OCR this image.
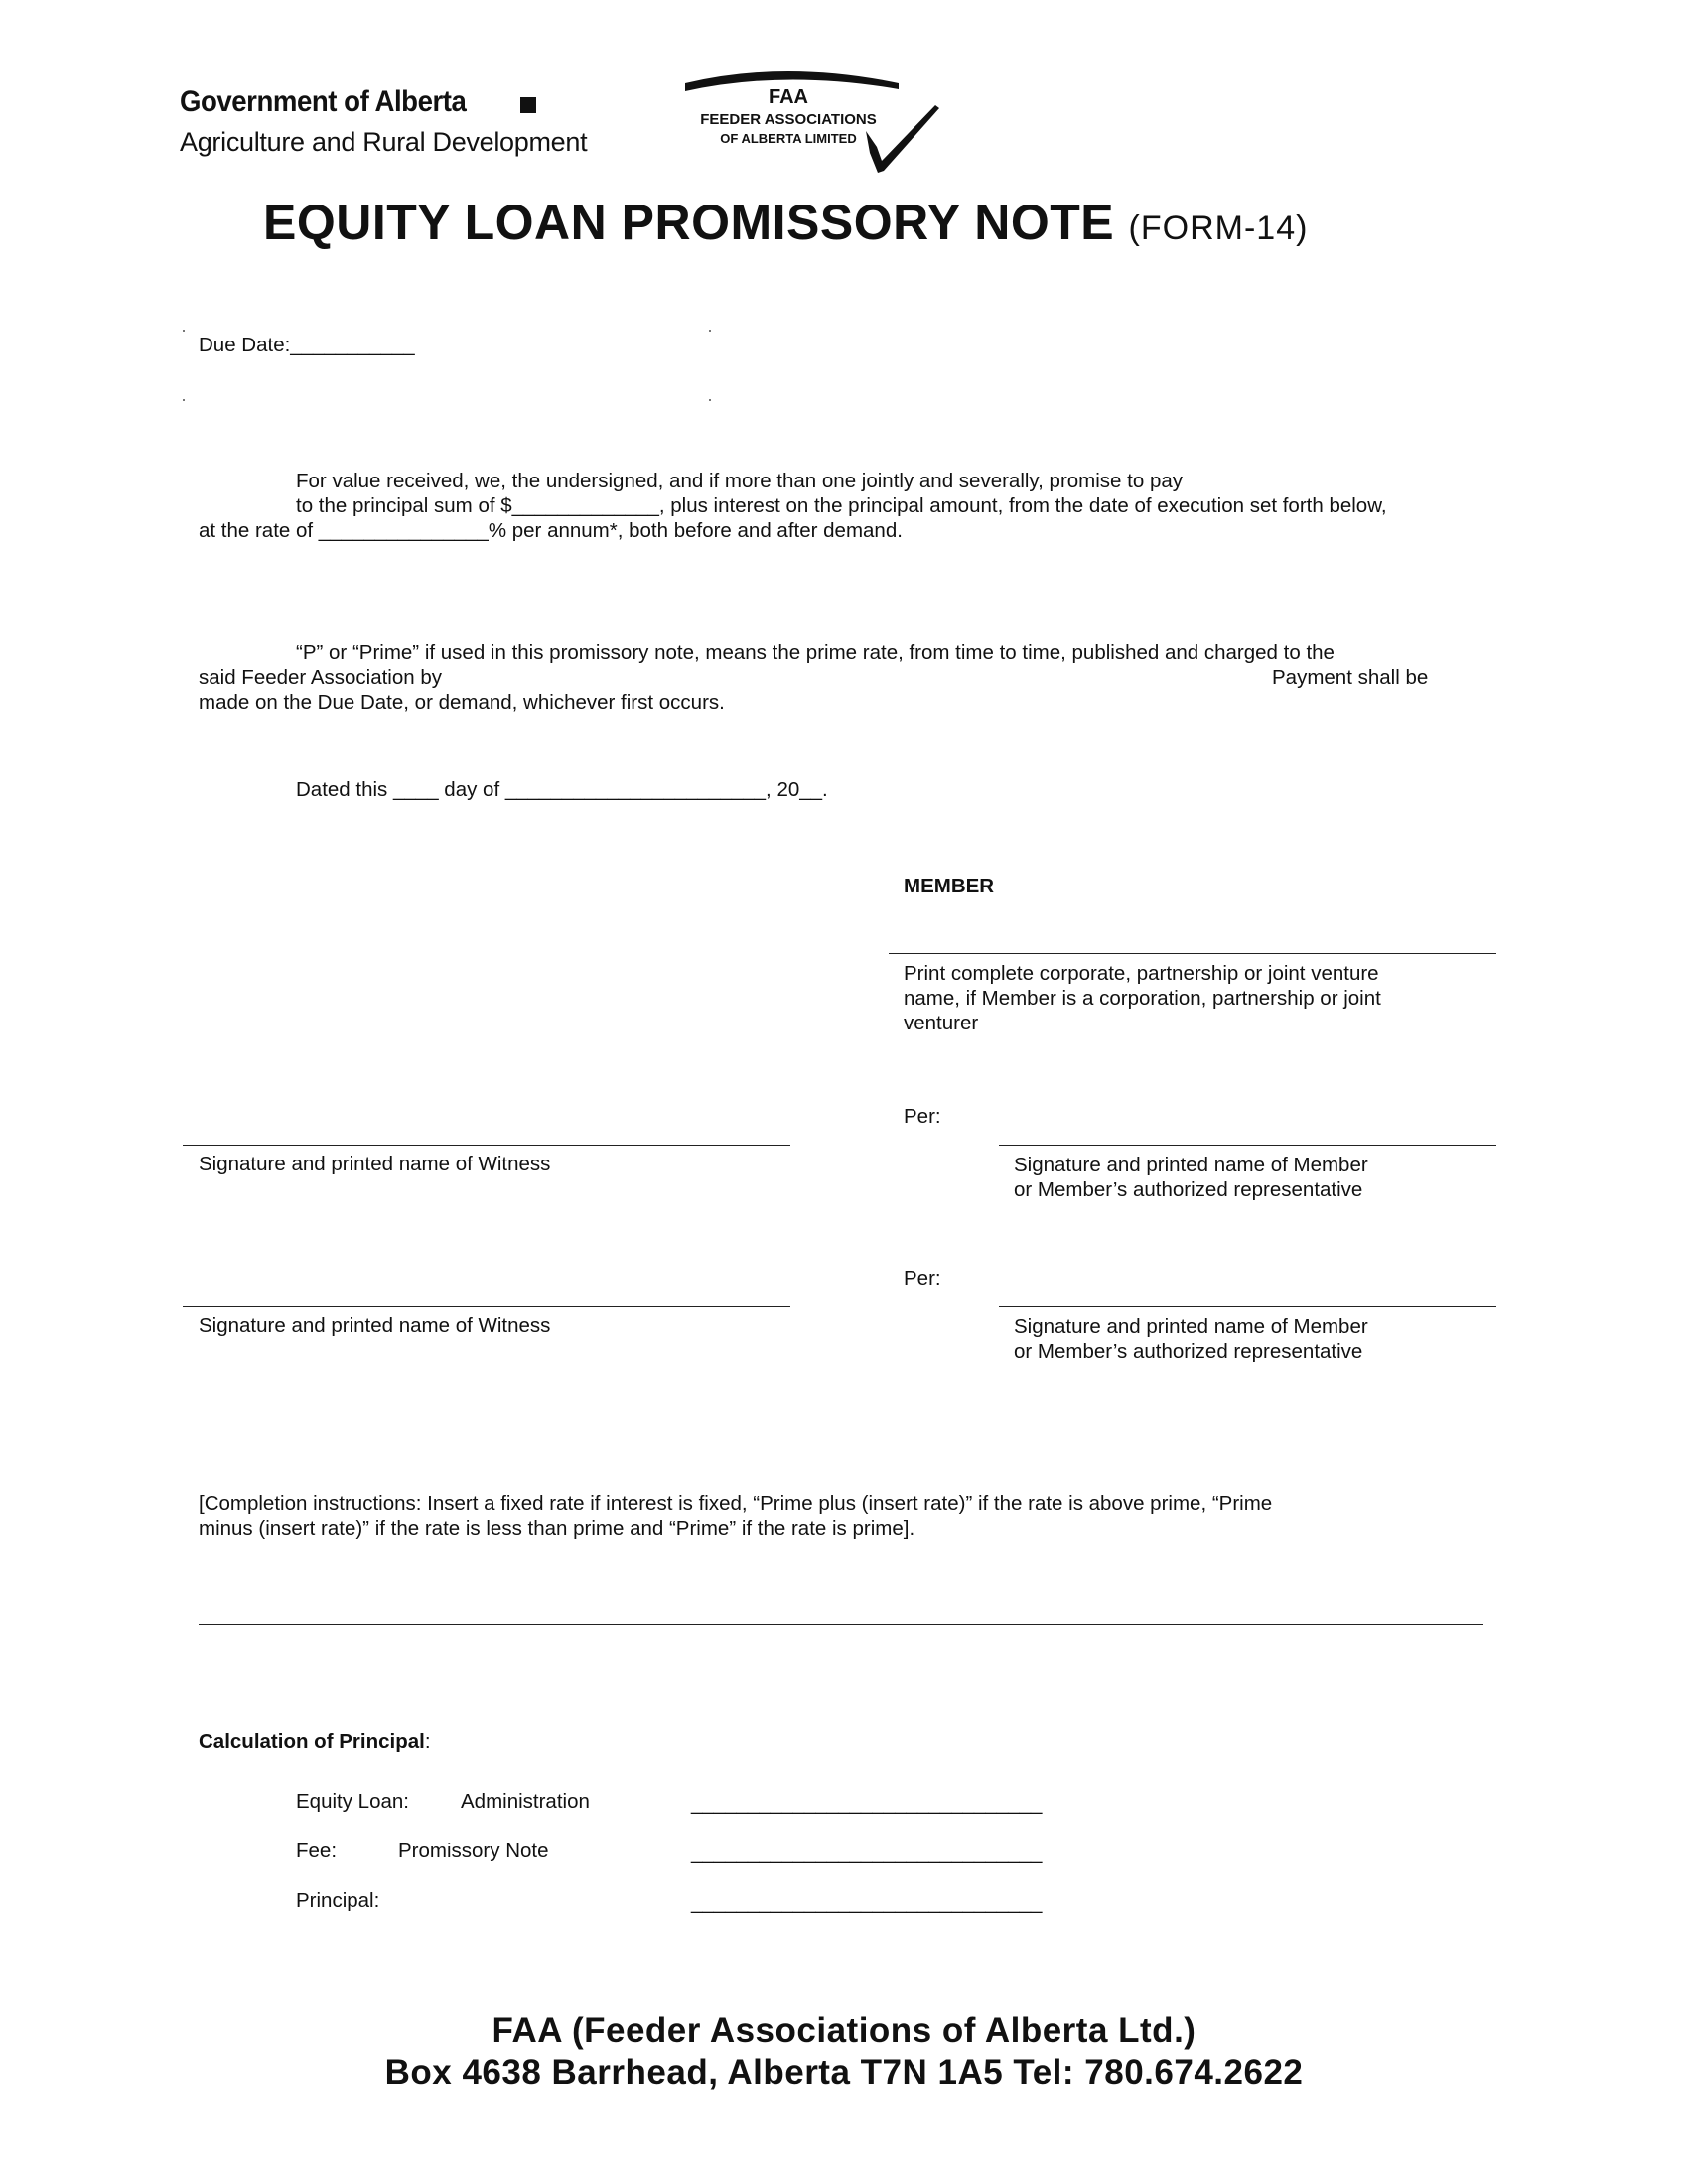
Government of Alberta
Agriculture and Rural Development
FAA
FEEDER ASSOCIATIONS
OF ALBERTA LIMITED
EQUITY LOAN PROMISSORY NOTE (FORM-14)
Due Date:___________
For value received, we, the undersigned, and if more than one jointly and severally, promise to pay
to the principal sum of $_____________, plus interest on the principal amount, from the date of execution set forth below,
at the rate of _______________% per annum*, both before and after demand.
“P” or “Prime” if used in this promissory note, means the prime rate, from time to time, published and charged to the
said Feeder Association by	Payment shall be
made on the Due Date, or demand, whichever first occurs.
Dated this ____ day of _______________________, 20__.
MEMBER
Print complete corporate, partnership or joint venture
name, if Member is a corporation, partnership or joint
venturer
Per:
Signature and printed name of Witness	Signature and printed name of Member
or Member’s authorized representative
Per:
Signature and printed name of Witness	Signature and printed name of Member
or Member’s authorized representative
[Completion instructions: Insert a fixed rate if interest is fixed, “Prime plus (insert rate)” if the rate is above prime, “Prime
minus (insert rate)” if the rate is less than prime and “Prime” if the rate is prime].
Calculation of Principal:
Equity Loan:	Administration	_______________________________
Fee:	Promissory Note	_______________________________
Principal:	_______________________________
FAA (Feeder Associations of Alberta Ltd.)
Box 4638 Barrhead, Alberta T7N 1A5 Tel: 780.674.2622
